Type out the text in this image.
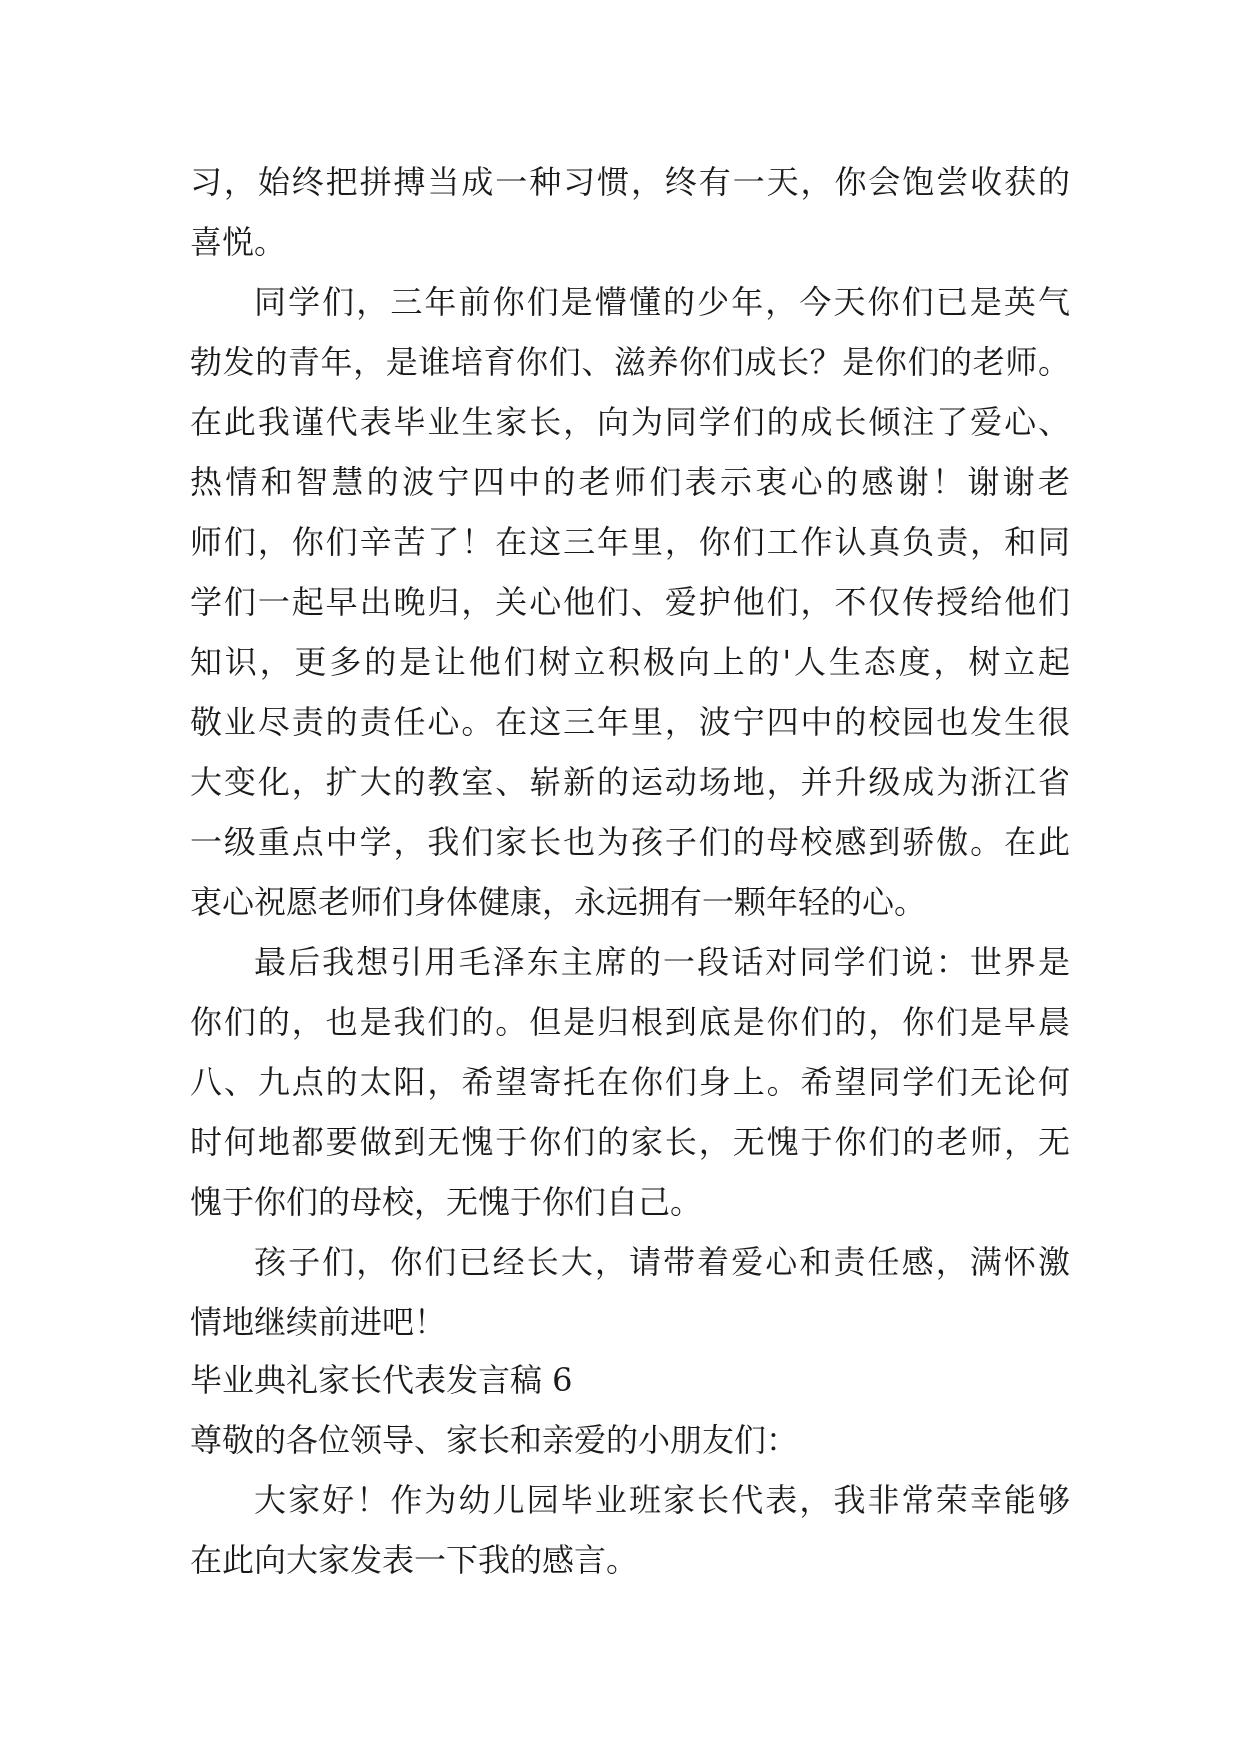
习，始终把拼搏当成一种习惯，终有一天，你会饱尝收获的
喜悦。
同学们，三年前你们是懵懂的少年，今天你们已是英气
勃发的青年，是谁培育你们、滋养你们成长？是你们的老师。
在此我谨代表毕业生家长，向为同学们的成长倾注了爱心、
热情和智慧的波宁四中的老师们表示衷心的感谢！谢谢老
师们，你们辛苦了！在这三年里，你们工作认真负责，和同
学们一起早出晚归，关心他们、爱护他们，不仅传授给他们
知识，更多的是让他们树立积极向上的'人生态度，树立起
敬业尽责的责任心。在这三年里，波宁四中的校园也发生很
大变化，扩大的教室、崭新的运动场地，并升级成为浙江省
一级重点中学，我们家长也为孩子们的母校感到骄傲。在此
衷心祝愿老师们身体健康，永远拥有一颗年轻的心。
最后我想引用毛泽东主席的一段话对同学们说：世界是
你们的，也是我们的。但是归根到底是你们的，你们是早晨
八、九点的太阳，希望寄托在你们身上。希望同学们无论何
时何地都要做到无愧于你们的家长，无愧于你们的老师，无
愧于你们的母校，无愧于你们自己。
孩子们，你们已经长大，请带着爱心和责任感，满怀激
情地继续前进吧！
毕业典礼家长代表发言稿 6
尊敬的各位领导、家长和亲爱的小朋友们：
大家好！作为幼儿园毕业班家长代表，我非常荣幸能够
在此向大家发表一下我的感言。
